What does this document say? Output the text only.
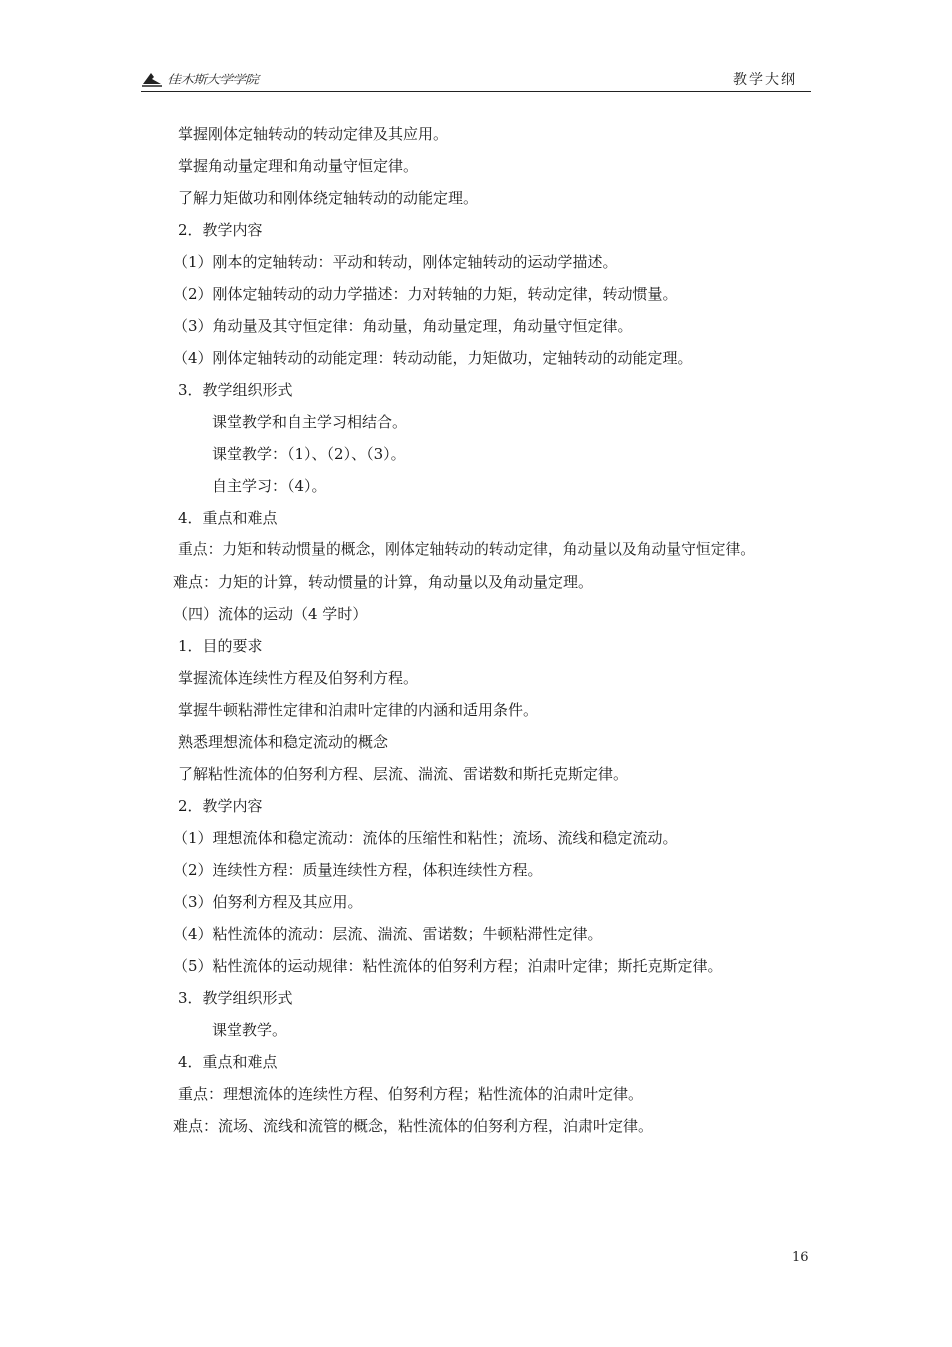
佳木斯大学学院	教学大纲
掌握刚体定轴转动的转动定律及其应用。
掌握角动量定理和角动量守恒定律。
了解力矩做功和刚体绕定轴转动的动能定理。
2．教学内容
（1）刚本的定轴转动：平动和转动，刚体定轴转动的运动学描述。
（2）刚体定轴转动的动力学描述：力对转轴的力矩，转动定律，转动惯量。
（3）角动量及其守恒定律：角动量，角动量定理，角动量守恒定律。
（4）刚体定轴转动的动能定理：转动动能，力矩做功，定轴转动的动能定理。
3．教学组织形式
课堂教学和自主学习相结合。
课堂教学：（1）、（2）、（3）。
自主学习：（4）。
4．重点和难点
重点：力矩和转动惯量的概念，刚体定轴转动的转动定律，角动量以及角动量守恒定律。
难点：力矩的计算，转动惯量的计算，角动量以及角动量定理。
（四）流体的运动（4 学时）
1．目的要求
掌握流体连续性方程及伯努利方程。
掌握牛顿粘滞性定律和泊肃叶定律的内涵和适用条件。
熟悉理想流体和稳定流动的概念
了解粘性流体的伯努利方程、层流、湍流、雷诺数和斯托克斯定律。
2．教学内容
（1）理想流体和稳定流动：流体的压缩性和粘性；流场、流线和稳定流动。
（2）连续性方程：质量连续性方程，体积连续性方程。
（3）伯努利方程及其应用。
（4）粘性流体的流动：层流、湍流、雷诺数；牛顿粘滞性定律。
（5）粘性流体的运动规律：粘性流体的伯努利方程；泊肃叶定律；斯托克斯定律。
3．教学组织形式
课堂教学。
4．重点和难点
重点：理想流体的连续性方程、伯努利方程；粘性流体的泊肃叶定律。
难点：流场、流线和流管的概念，粘性流体的伯努利方程，泊肃叶定律。
16
